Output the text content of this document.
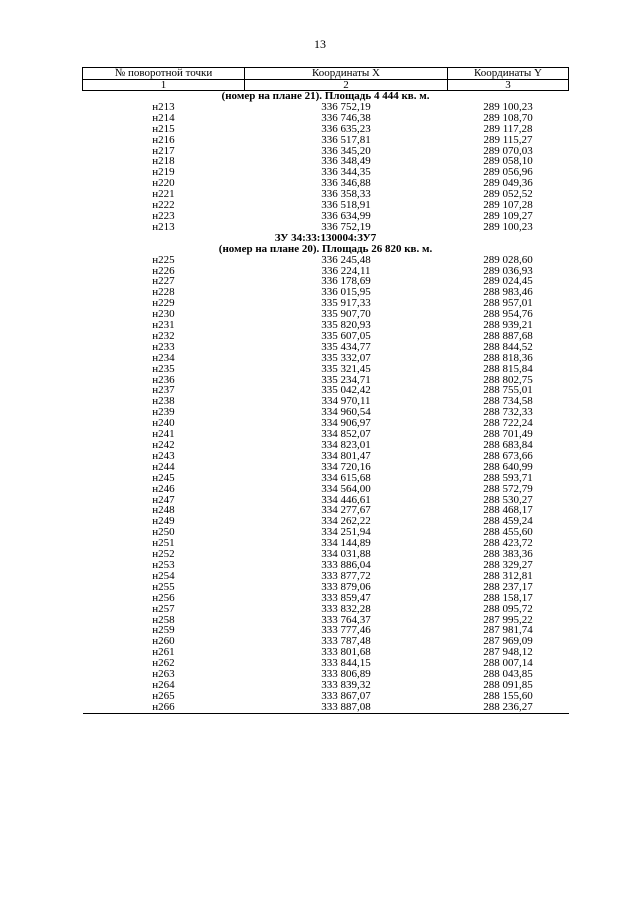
13
№ поворотной точки	Координаты X	Координаты Y
1	2	3
(номер на плане 21). Площадь 4 444 кв. м.		
н213	336 752,19	289 100,23
н214	336 746,38	289 108,70
н215	336 635,23	289 117,28
н216	336 517,81	289 115,27
н217	336 345,20	289 070,03
н218	336 348,49	289 058,10
н219	336 344,35	289 056,96
н220	336 346,88	289 049,36
н221	336 358,33	289 052,52
н222	336 518,91	289 107,28
н223	336 634,99	289 109,27
н213	336 752,19	289 100,23
ЗУ 34:33:130004:ЗУ7		
(номер на плане 20). Площадь 26 820 кв. м.		
н225	336 245,48	289 028,60
н226	336 224,11	289 036,93
н227	336 178,69	289 024,45
н228	336 015,95	288 983,46
н229	335 917,33	288 957,01
н230	335 907,70	288 954,76
н231	335 820,93	288 939,21
н232	335 607,05	288 887,68
н233	335 434,77	288 844,52
н234	335 332,07	288 818,36
н235	335 321,45	288 815,84
н236	335 234,71	288 802,75
н237	335 042,42	288 755,01
н238	334 970,11	288 734,58
н239	334 960,54	288 732,33
н240	334 906,97	288 722,24
н241	334 852,07	288 701,49
н242	334 823,01	288 683,84
н243	334 801,47	288 673,66
н244	334 720,16	288 640,99
н245	334 615,68	288 593,71
н246	334 564,00	288 572,79
н247	334 446,61	288 530,27
н248	334 277,67	288 468,17
н249	334 262,22	288 459,24
н250	334 251,94	288 455,60
н251	334 144,89	288 423,72
н252	334 031,88	288 383,36
н253	333 886,04	288 329,27
н254	333 877,72	288 312,81
н255	333 879,06	288 237,17
н256	333 859,47	288 158,17
н257	333 832,28	288 095,72
н258	333 764,37	287 995,22
н259	333 777,46	287 981,74
н260	333 787,48	287 969,09
н261	333 801,68	287 948,12
н262	333 844,15	288 007,14
н263	333 806,89	288 043,85
н264	333 839,32	288 091,85
н265	333 867,07	288 155,60
н266	333 887,08	288 236,27
